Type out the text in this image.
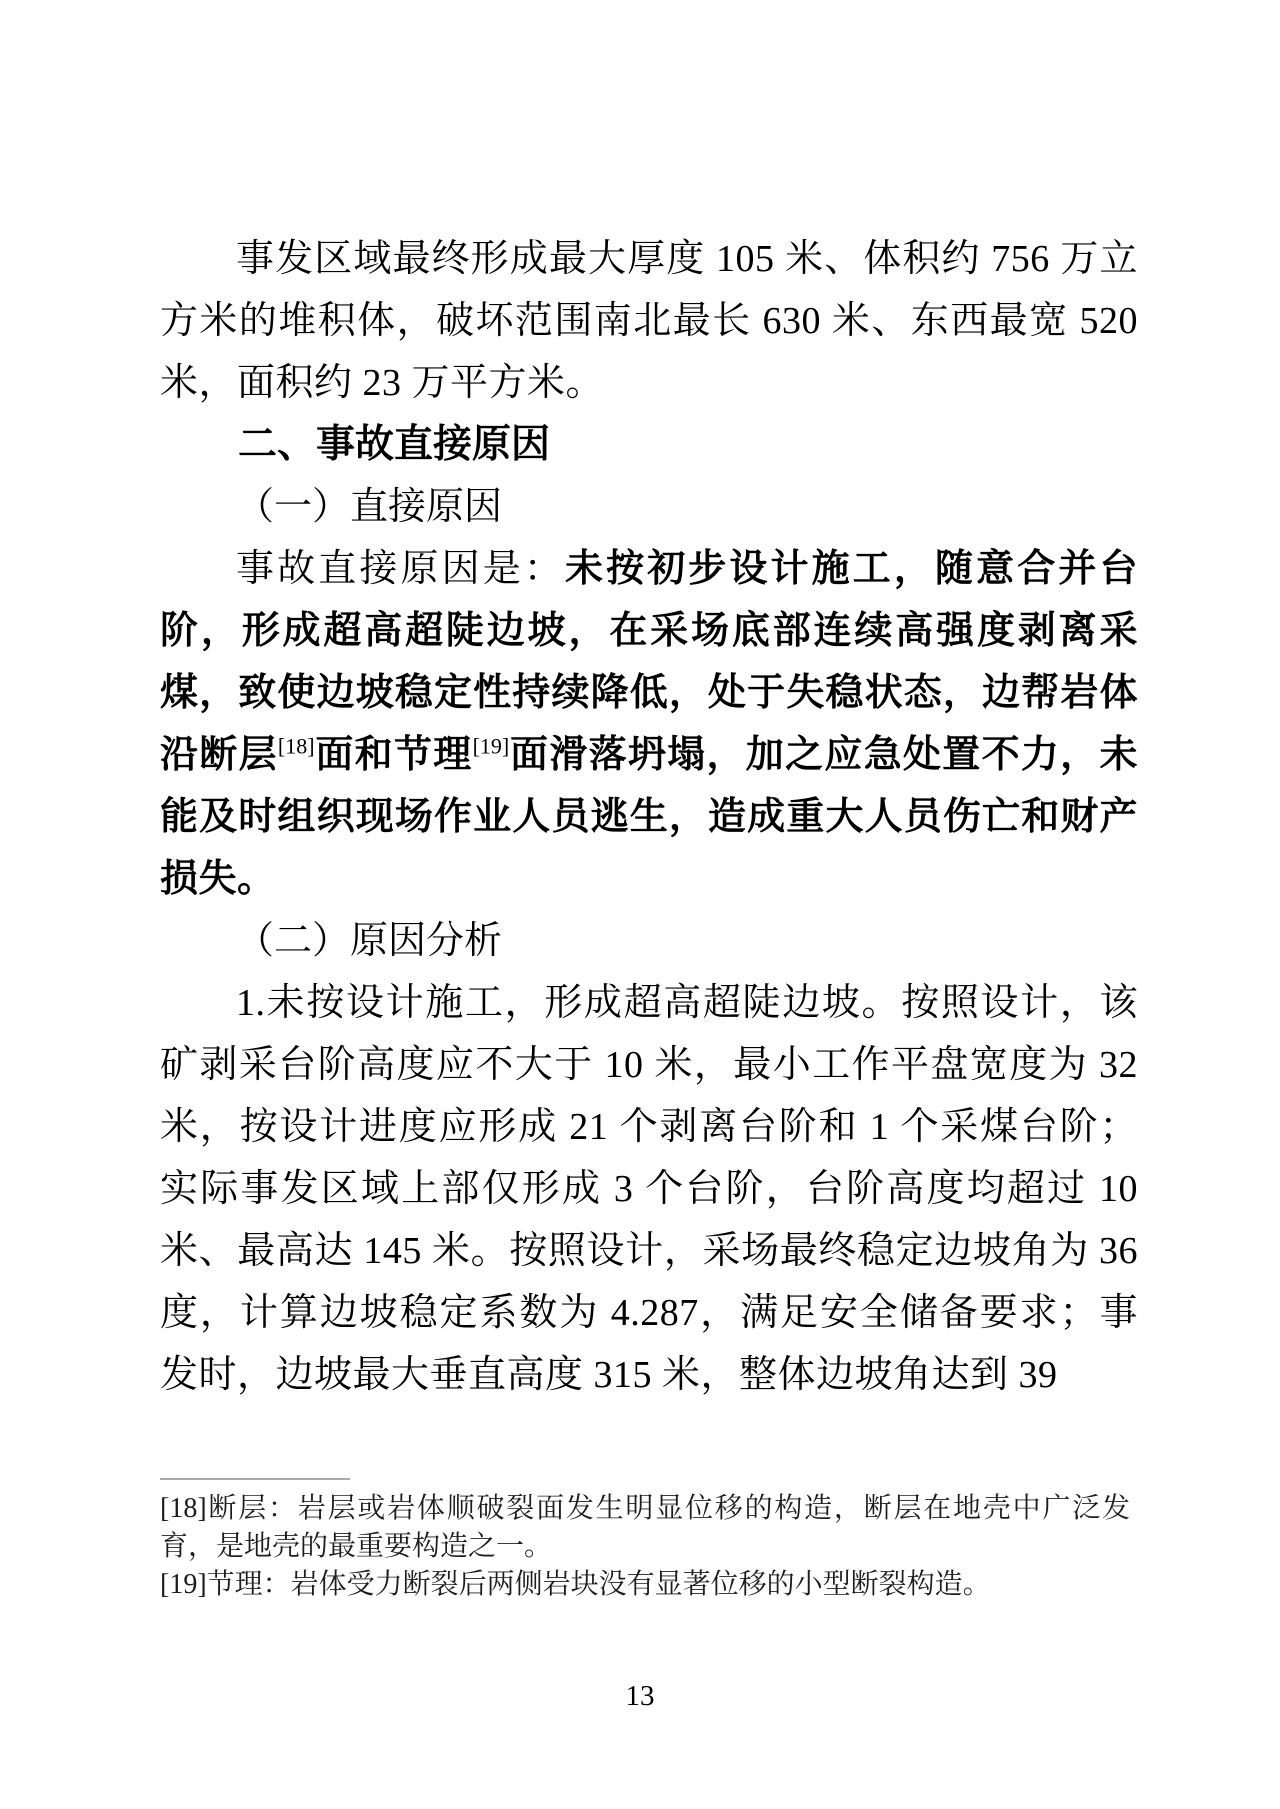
事发区域最终形成最大厚度 105 米、体积约 756 万立方米的堆积体，破坏范围南北最长 630 米、东西最宽 520 米，面积约 23 万平方米。

二、事故直接原因

（一）直接原因

事故直接原因是：未按初步设计施工，随意合并台阶，形成超高超陡边坡，在采场底部连续高强度剥离采煤，致使边坡稳定性持续降低，处于失稳状态，边帮岩体沿断层[18]面和节理[19]面滑落坍塌，加之应急处置不力，未能及时组织现场作业人员逃生，造成重大人员伤亡和财产损失。

（二）原因分析

1.未按设计施工，形成超高超陡边坡。按照设计，该矿剥采台阶高度应不大于 10 米，最小工作平盘宽度为 32 米，按设计进度应形成 21 个剥离台阶和 1 个采煤台阶；实际事发区域上部仅形成 3 个台阶，台阶高度均超过 10 米、最高达 145 米。按照设计，采场最终稳定边坡角为 36 度，计算边坡稳定系数为 4.287，满足安全储备要求；事发时，边坡最大垂直高度 315 米，整体边坡角达到 39

[18]断层：岩层或岩体顺破裂面发生明显位移的构造，断层在地壳中广泛发育，是地壳的最重要构造之一。

[19]节理：岩体受力断裂后两侧岩块没有显著位移的小型断裂构造。

13
